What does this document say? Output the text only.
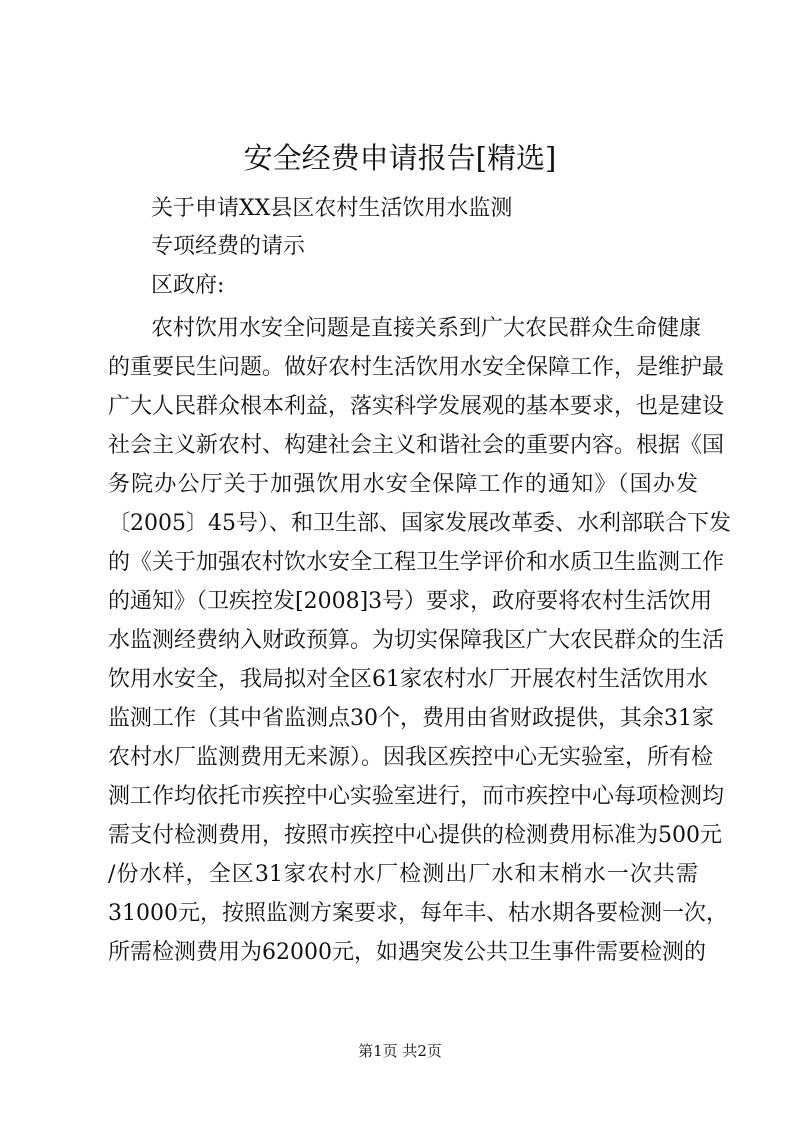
安全经费申请报告[精选]
关于申请XX县区农村生活饮用水监测
专项经费的请示
区政府:
农村饮用水安全问题是直接关系到广大农民群众生命健康
的重要民生问题。做好农村生活饮用水安全保障工作，是维护最
广大人民群众根本利益，落实科学发展观的基本要求，也是建设
社会主义新农村、构建社会主义和谐社会的重要内容。根据《国
务院办公厅关于加强饮用水安全保障工作的通知》（国办发
〔2005〕45号）、和卫生部、国家发展改革委、水利部联合下发
的《关于加强农村饮水安全工程卫生学评价和水质卫生监测工作
的通知》（卫疾控发[2008]3号）要求，政府要将农村生活饮用
水监测经费纳入财政预算。为切实保障我区广大农民群众的生活
饮用水安全，我局拟对全区61家农村水厂开展农村生活饮用水
监测工作（其中省监测点30个，费用由省财政提供，其余31家
农村水厂监测费用无来源）。因我区疾控中心无实验室，所有检
测工作均依托市疾控中心实验室进行，而市疾控中心每项检测均
需支付检测费用，按照市疾控中心提供的检测费用标准为500元
/份水样，全区31家农村水厂检测出厂水和末梢水一次共需
31000元，按照监测方案要求，每年丰、枯水期各要检测一次，
所需检测费用为62000元，如遇突发公共卫生事件需要检测的
第1页 共2页
